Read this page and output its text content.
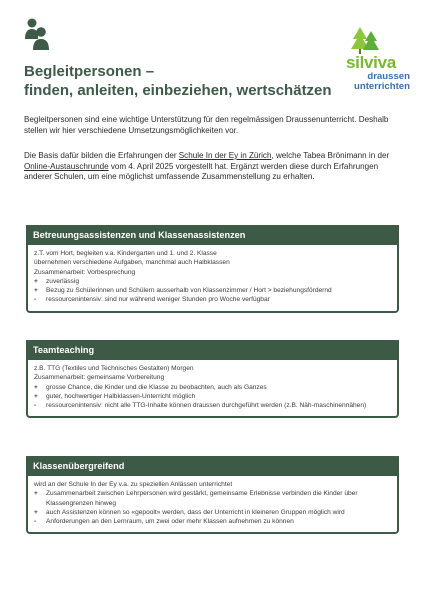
silviva
draussen unterrichten
Begleitpersonen –
finden, anleiten, einbeziehen, wertschätzen

Begleitpersonen sind eine wichtige Unterstützung für den regelmässigen Draussenunterricht. Deshalb stellen wir hier verschiedene Umsetzungsmöglichkeiten vor.

Die Basis dafür bilden die Erfahrungen der Schule In der Ey in Zürich, welche Tabea Brönimann in der Online-Austauschrunde vom 4. April 2025 vorgestellt hat. Ergänzt werden diese durch Erfahrungen anderer Schulen, um eine möglichst umfassende Zusammenstellung zu erhalten.

Betreuungsassistenzen und Klassenassistenzen
z.T. vom Hort, begleiten v.a. Kindergarten und 1. und 2. Klasse
übernehmen verschiedene Aufgaben, manchmal auch Halbklassen
Zusammenarbeit: Vorbesprechung
+	zuverlässig
+	Bezug zu Schülerinnen und Schülern ausserhalb von Klassenzimmer / Hort > beziehungsfördernd
-	ressourcenintensiv: sind nur während weniger Stunden pro Woche verfügbar
Teamteaching
z.B. TTG (Textiles und Technisches Gestalten) Morgen
Zusammenarbeit: gemeinsame Vorbereitung
+	grosse Chance, die Kinder und die Klasse zu beobachten, auch als Ganzes
+	guter, hochwertiger Halbklassen-Unterricht möglich
-	ressourcenintensiv: nicht alle TTG-Inhalte können draussen durchgeführt werden (z.B. Näh-maschinennähen)
Klassenübergreifend
wird an der Schule In der Ey v.a. zu speziellen Anlässen unterrichtet
+	Zusammenarbeit zwischen Lehrpersonen wird gestärkt, gemeinsame Erlebnisse verbinden die Kinder über Klassengrenzen hinweg
+	auch Assistenzen können so «gepoolt» werden, dass der Unterricht in kleineren Gruppen möglich wird
-	Anforderungen an den Lernraum, um zwei oder mehr Klassen aufnehmen zu können
